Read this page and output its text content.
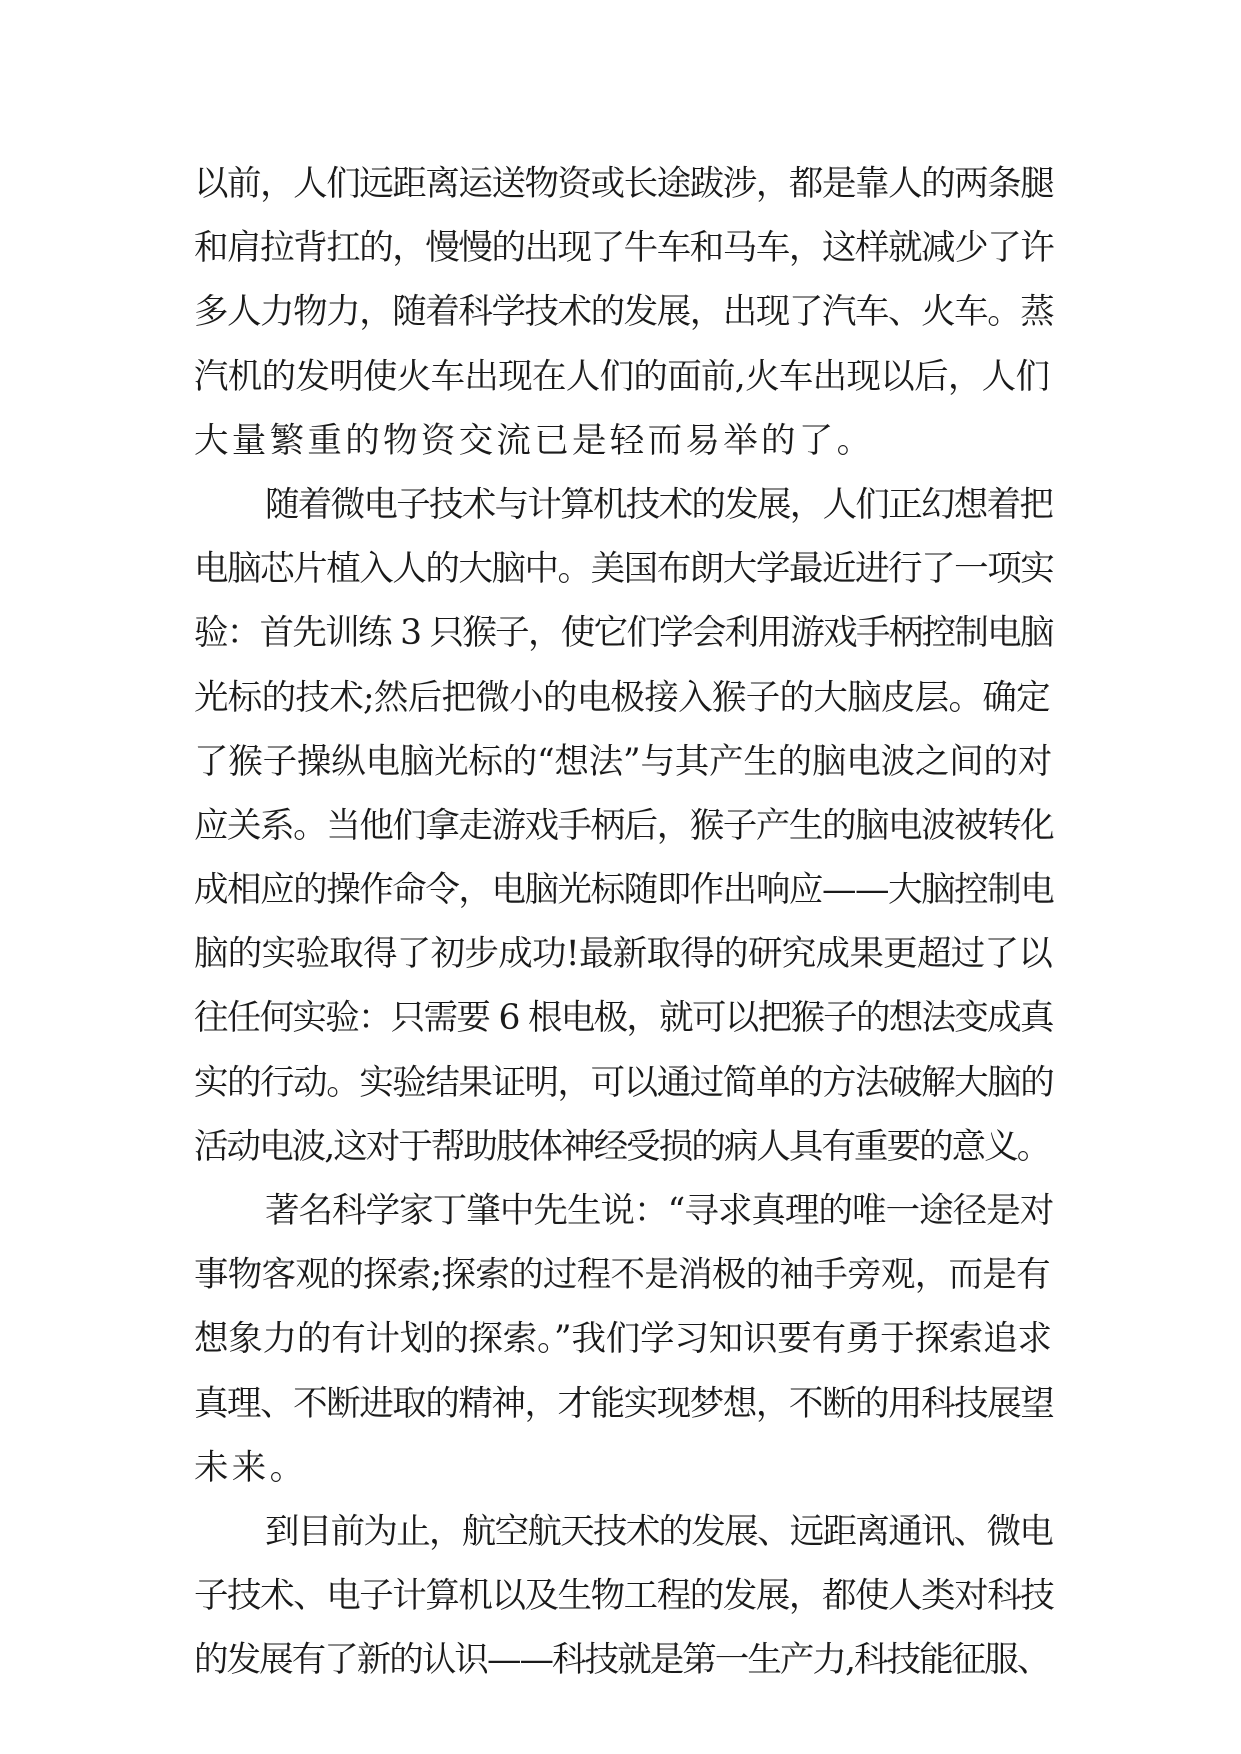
以前，人们远距离运送物资或长途跋涉，都是靠人的两条腿
和肩拉背扛的，慢慢的出现了牛车和马车，这样就减少了许
多人力物力，随着科学技术的发展，出现了汽车、火车。蒸
汽机的发明使火车出现在人们的面前,火车出现以后，人们
大量繁重的物资交流已是轻而易举的了。
随着微电子技术与计算机技术的发展，人们正幻想着把
电脑芯片植入人的大脑中。美国布朗大学最近进行了一项实
验：首先训练 3 只猴子，使它们学会利用游戏手柄控制电脑
光标的技术;然后把微小的电极接入猴子的大脑皮层。确定
了猴子操纵电脑光标的“想法”与其产生的脑电波之间的对
应关系。当他们拿走游戏手柄后，猴子产生的脑电波被转化
成相应的操作命令，电脑光标随即作出响应——大脑控制电
脑的实验取得了初步成功!最新取得的研究成果更超过了以
往任何实验：只需要 6 根电极，就可以把猴子的想法变成真
实的行动。实验结果证明，可以通过简单的方法破解大脑的
活动电波,这对于帮助肢体神经受损的病人具有重要的意义。
著名科学家丁肇中先生说：“寻求真理的唯一途径是对
事物客观的探索;探索的过程不是消极的袖手旁观，而是有
想象力的有计划的探索。”我们学习知识要有勇于探索追求
真理、不断进取的精神，才能实现梦想，不断的用科技展望
未来。
到目前为止，航空航天技术的发展、远距离通讯、微电
子技术、电子计算机以及生物工程的发展，都使人类对科技
的发展有了新的认识——科技就是第一生产力,科技能征服、
